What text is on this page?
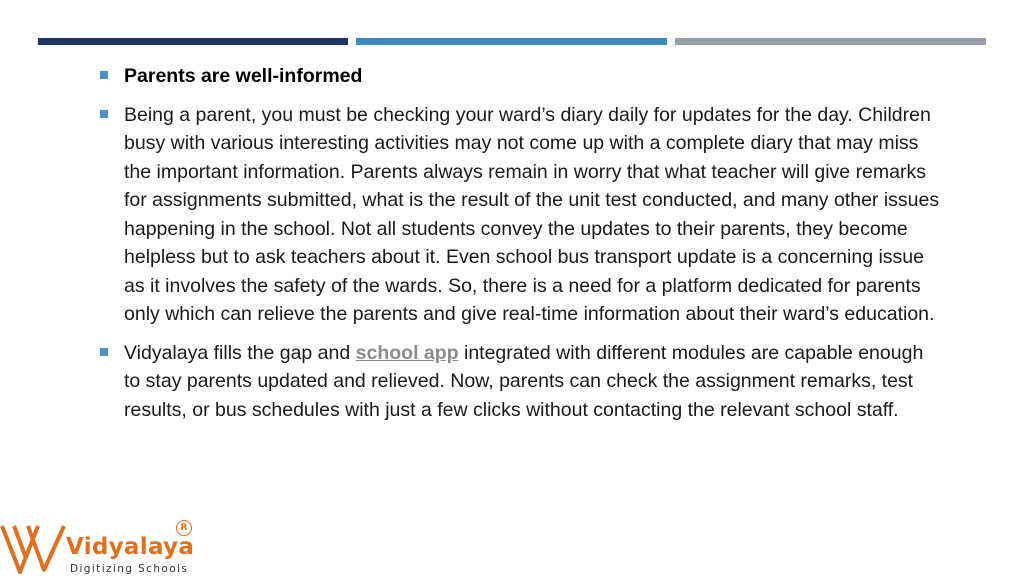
Parents are well-informed
Being a parent, you must be checking your ward’s diary daily for updates for the day. Children busy with various interesting activities may not come up with a complete diary that may miss the important information. Parents always remain in worry that what teacher will give remarks for assignments submitted, what is the result of the unit test conducted, and many other issues happening in the school. Not all students convey the updates to their parents, they become helpless but to ask teachers about it. Even school bus transport update is a concerning issue as it involves the safety of the wards. So, there is a need for a platform dedicated for parents only which can relieve the parents and give real-time information about their ward’s education.
Vidyalaya fills the gap and school app integrated with different modules are capable enough to stay parents updated and relieved. Now, parents can check the assignment remarks, test results, or bus schedules with just a few clicks without contacting the relevant school staff.
Vidyalaya
Digitizing Schools
R
